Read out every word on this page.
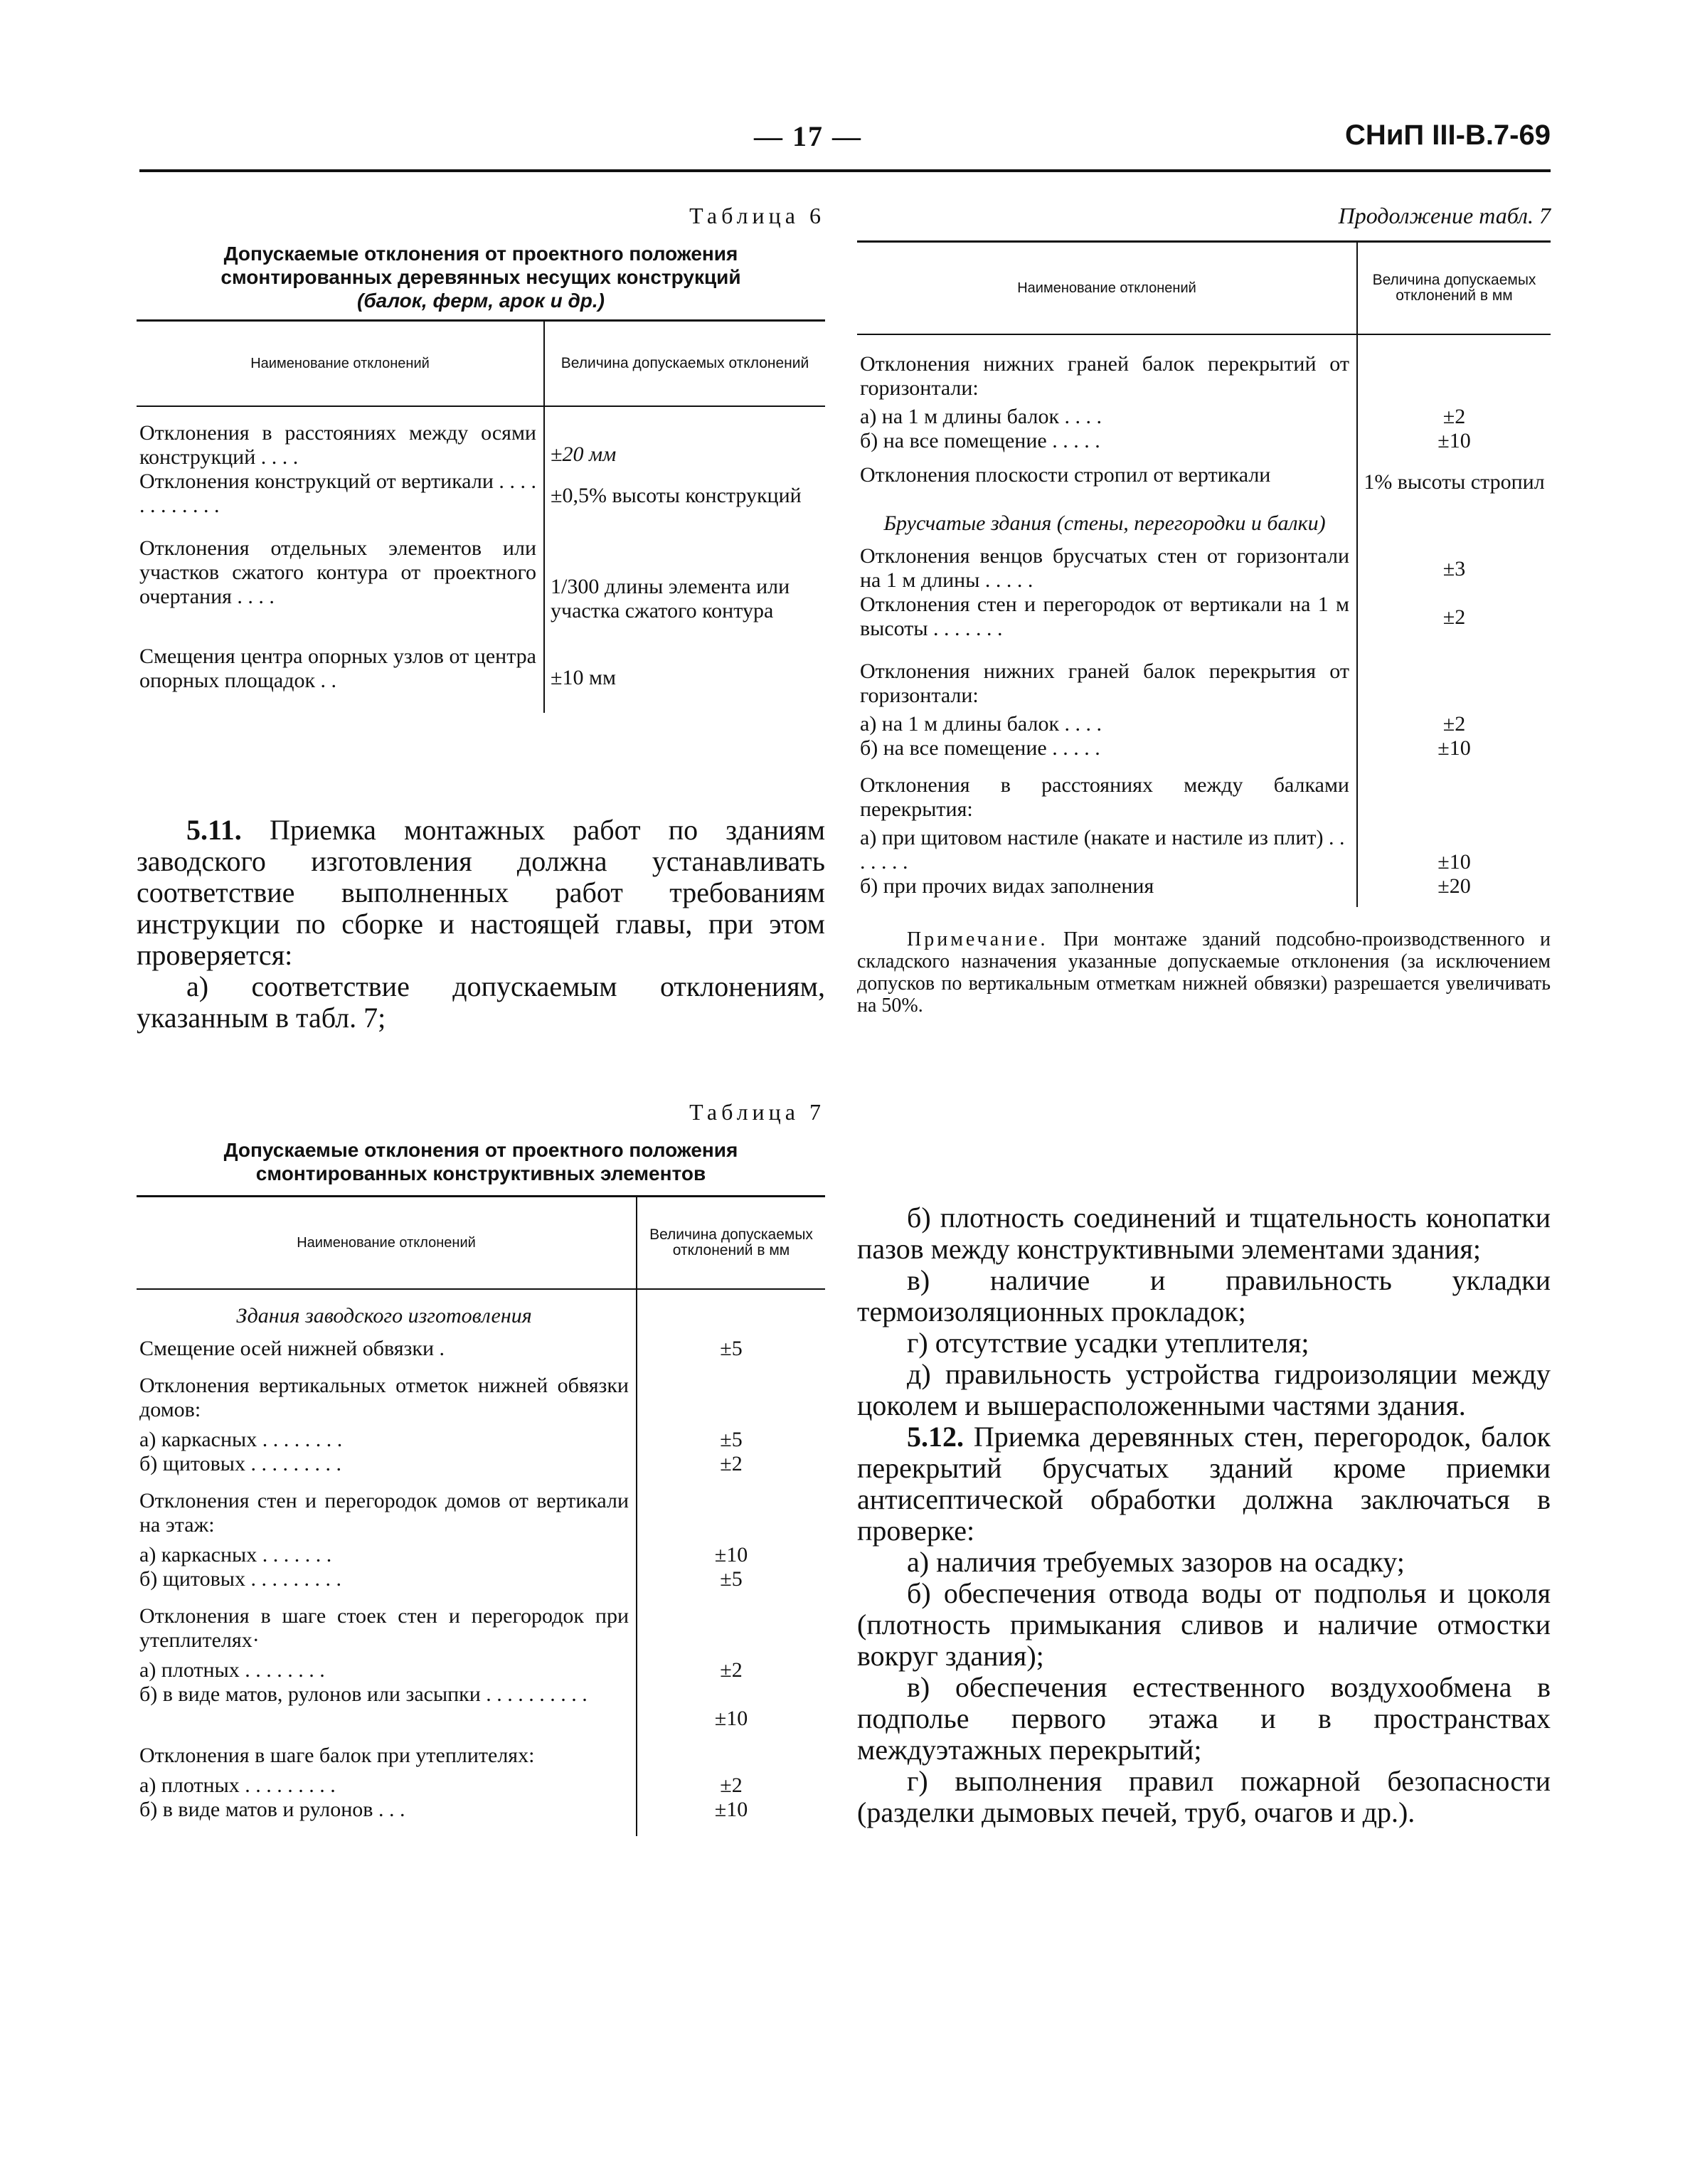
— 17 —	СНиП III-В.7-69
Таблица 6
Допускаемые отклонения от проектного положения
смонтированных деревянных несущих конструкций
(балок, ферм, арок и др.)
Наименование отклонений	Величина допускаемых отклонений

Отклонения в расстояниях между осями конструкций . . . .	±20 мм
Отклонения конструкций от вертикали . . . . . . . . . . . .	±0,5% высоты конструкций
Отклонения отдельных элементов или участков сжатого контура от проектного очертания . . . .	1/300 длины элемента или участка сжатого контура
Смещения центра опорных узлов от центра опорных площадок . .	±10 мм

5.11. Приемка монтажных работ по зданиям заводского изготовления должна устанавливать соответствие выполненных работ требованиям инструкции по сборке и настоящей главы, при этом проверяется:

а) соответствие допускаемым отклонениям, указанным в табл. 7;

Таблица 7
Допускаемые отклонения от проектного положения
смонтированных конструктивных элементов
Наименование отклонений	Величина допускаемых отклонений в мм

Здания заводского изготовления	
Смещение осей нижней обвязки .	±5
Отклонения вертикальных отметок нижней обвязки домов:	
а) каркасных . . . . . . . .	±5
б) щитовых . . . . . . . . .	±2
Отклонения стен и перегородок домов от вертикали на этаж:	
а) каркасных . . . . . . .	±10
б) щитовых . . . . . . . . .	±5
Отклонения в шаге стоек стен и перегородок при утеплителях·	
а) плотных . . . . . . . .	±2
б) в виде матов, рулонов или засыпки . . . . . . . . . .	±10
Отклонения в шаге балок при утеплителях:	
а) плотных . . . . . . . . .	±2
б) в виде матов и рулонов . . .	±10
Продолжение табл. 7
Наименование отклонений	Величина допускаемых отклонений в мм

Отклонения нижних граней балок перекрытий от горизонтали:	
а) на 1 м длины балок . . . .	±2
б) на все помещение . . . . .	±10
Отклонения плоскости стропил от вертикали	1% высоты стропил
Брусчатые здания (стены, перегородки и балки)	
Отклонения венцов брусчатых стен от горизонтали на 1 м длины . . . . .	±3
Отклонения стен и перегородок от вертикали на 1 м высоты . . . . . . .	±2
Отклонения нижних граней балок перекрытия от горизонтали:	
а) на 1 м длины балок . . . .	±2
б) на все помещение . . . . .	±10
Отклонения в расстояниях между балками перекрытия:	
а) при щитовом настиле (накате и настиле из плит) . . . . . . .	±10
б) при прочих видах заполнения	±20
Примечание. При монтаже зданий подсобно-производственного и складского назначения указанные допускаемые отклонения (за исключением допусков по вертикальным отметкам нижней обвязки) разрешается увеличивать на 50%.

б) плотность соединений и тщательность конопатки пазов между конструктивными элементами здания;

в) наличие и правильность укладки термоизоляционных прокладок;

г) отсутствие усадки утеплителя;

д) правильность устройства гидроизоляции между цоколем и вышерасположенными частями здания.

5.12. Приемка деревянных стен, перегородок, балок перекрытий брусчатых зданий кроме приемки антисептической обработки должна заключаться в проверке:

а) наличия требуемых зазоров на осадку;

б) обеспечения отвода воды от подполья и цоколя (плотность примыкания сливов и наличие отмостки вокруг здания);

в) обеспечения естественного воздухообмена в подполье первого этажа и в пространствах междуэтажных перекрытий;

г) выполнения правил пожарной безопасности (разделки дымовых печей, труб, очагов и др.).
